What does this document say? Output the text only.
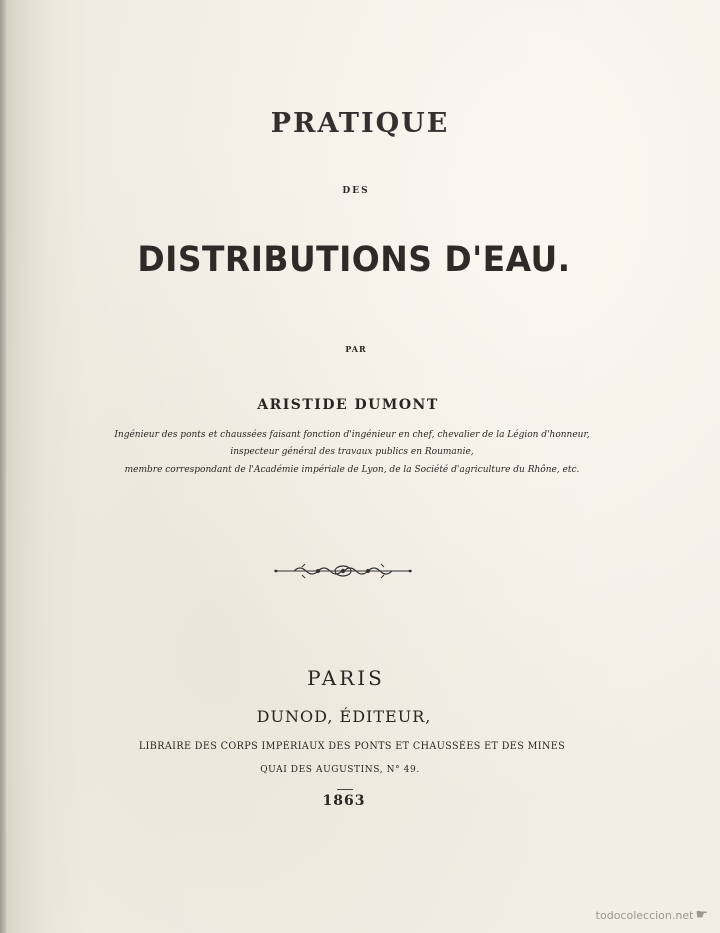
PRATIQUE
DES
DISTRIBUTIONS D'EAU.
PAR
ARISTIDE DUMONT
Ingénieur des ponts et chaussées faisant fonction d'ingénieur en chef, chevalier de la Légion d'honneur,
inspecteur général des travaux publics en Roumanie,
membre correspondant de l'Académie impériale de Lyon, de la Société d'agriculture du Rhône, etc.
PARIS
DUNOD, ÉDITEUR,
LIBRAIRE DES CORPS IMPÉRIAUX DES PONTS ET CHAUSSÉES ET DES MINES
QUAI DES AUGUSTINS, N° 49.
1863
todocoleccion.net ☛
